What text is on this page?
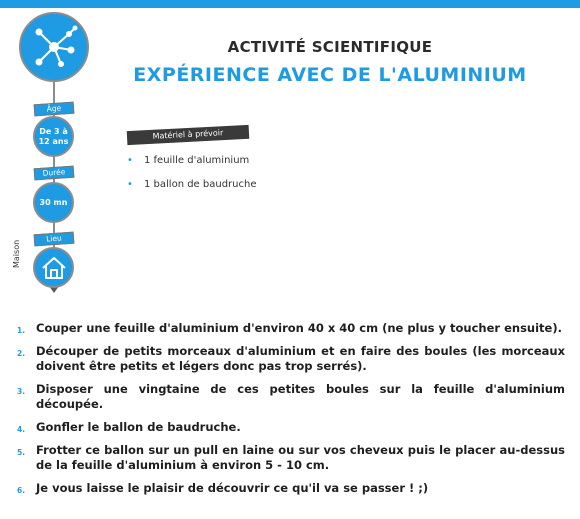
Âge
De 3 à
12 ans
Durée
30 mn
Lieu
Maison
ACTIVITÉ SCIENTIFIQUE
EXPÉRIENCE AVEC DE L'ALUMINIUM
Matériel à prévoir
• 1 feuille d'aluminium
• 1 ballon de baudruche
1. Couper une feuille d'aluminium d'environ 40 x 40 cm (ne plus y toucher ensuite).
2. Découper de petits morceaux d'aluminium et en faire des boules (les morceaux doivent être petits et légers donc pas trop serrés).
3. Disposer une vingtaine de ces petites boules sur la feuille d'aluminium découpée.
4. Gonfler le ballon de baudruche.
5. Frotter ce ballon sur un pull en laine ou sur vos cheveux puis le placer au-dessus de la feuille d'aluminium à environ 5 - 10 cm.
6. Je vous laisse le plaisir de découvrir ce qu'il va se passer ! ;)
